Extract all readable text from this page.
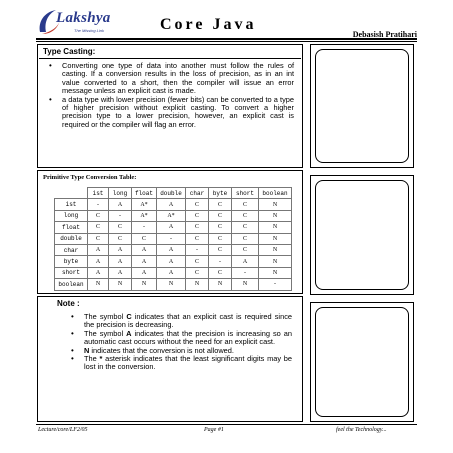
Lakshya
The Missing Link	Core Java
Debasish Pratihari
Type Casting:
• Converting one type of data into another must follow the rules of casting. If a conversion results in the loss of precision, as in an int value converted to a short, then the compiler will issue an error message unless an explicit cast is made.
• a data type with lower precision (fewer bits) can be converted to a type of higher precision without explicit casting. To convert a higher precision type to a lower precision, however, an explicit cast is required or the compiler will flag an error.
Primitive Type Conversion Table:
	ist	long	float	double	char	byte	short	boolean
ist	-	A	A*	A	C	C	C	N
long	C	-	A*	A*	C	C	C	N
float	C	C	-	A	C	C	C	N
double	C	C	C	-	C	C	C	N
char	A	A	A	A	-	C	C	N
byte	A	A	A	A	C	-	A	N
short	A	A	A	A	C	C	-	N
boolean	N	N	N	N	N	N	N	-
Note :
• The symbol C indicates that an explicit cast is required since the precision is decreasing.
• The symbol A indicates that the precision is increasing so an automatic cast occurs without the need for an explicit cast.
• N indicates that the conversion is not allowed.
• The * asterisk indicates that the least significant digits may be lost in the conversion.
Lecture/core/LF2/05	Page #1	feel the Technology...
